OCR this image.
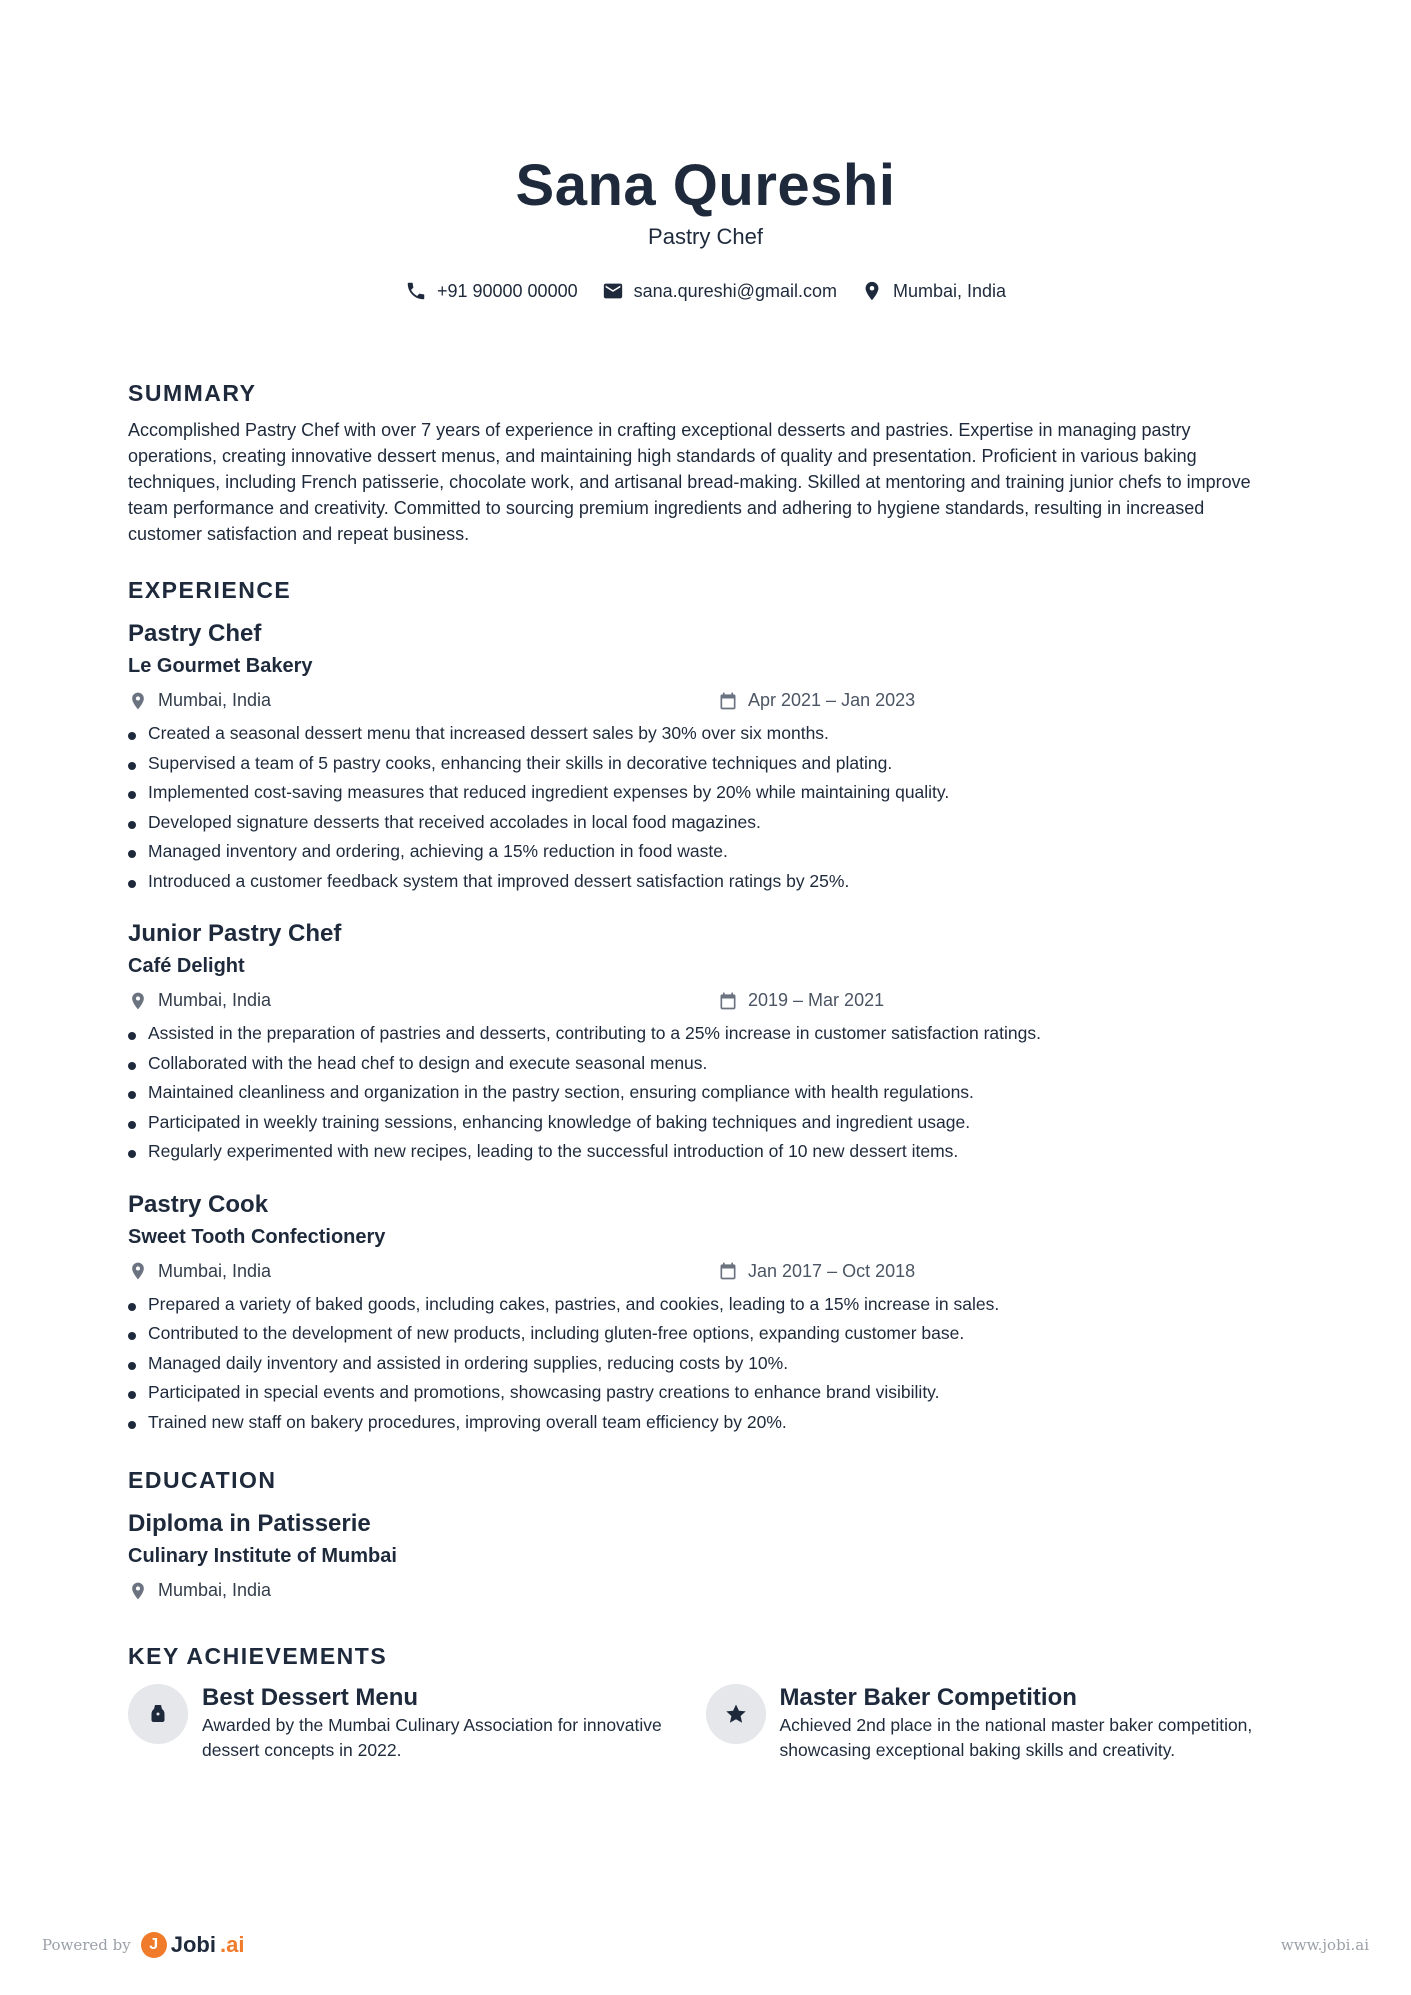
Sana Qureshi
Pastry Chef
+91 90000 00000	sana.qureshi@gmail.com	Mumbai, India
SUMMARY
Accomplished Pastry Chef with over 7 years of experience in crafting exceptional desserts and pastries. Expertise in managing pastry operations, creating innovative dessert menus, and maintaining high standards of quality and presentation. Proficient in various baking techniques, including French patisserie, chocolate work, and artisanal bread-making. Skilled at mentoring and training junior chefs to improve team performance and creativity. Committed to sourcing premium ingredients and adhering to hygiene standards, resulting in increased customer satisfaction and repeat business.
EXPERIENCE
Pastry Chef
Le Gourmet Bakery
Mumbai, India	Apr 2021 – Jan 2023
Created a seasonal dessert menu that increased dessert sales by 30% over six months.
Supervised a team of 5 pastry cooks, enhancing their skills in decorative techniques and plating.
Implemented cost-saving measures that reduced ingredient expenses by 20% while maintaining quality.
Developed signature desserts that received accolades in local food magazines.
Managed inventory and ordering, achieving a 15% reduction in food waste.
Introduced a customer feedback system that improved dessert satisfaction ratings by 25%.
Junior Pastry Chef
Café Delight
Mumbai, India	2019 – Mar 2021
Assisted in the preparation of pastries and desserts, contributing to a 25% increase in customer satisfaction ratings.
Collaborated with the head chef to design and execute seasonal menus.
Maintained cleanliness and organization in the pastry section, ensuring compliance with health regulations.
Participated in weekly training sessions, enhancing knowledge of baking techniques and ingredient usage.
Regularly experimented with new recipes, leading to the successful introduction of 10 new dessert items.
Pastry Cook
Sweet Tooth Confectionery
Mumbai, India	Jan 2017 – Oct 2018
Prepared a variety of baked goods, including cakes, pastries, and cookies, leading to a 15% increase in sales.
Contributed to the development of new products, including gluten-free options, expanding customer base.
Managed daily inventory and assisted in ordering supplies, reducing costs by 10%.
Participated in special events and promotions, showcasing pastry creations to enhance brand visibility.
Trained new staff on bakery procedures, improving overall team efficiency by 20%.
EDUCATION
Diploma in Patisserie
Culinary Institute of Mumbai
Mumbai, India
KEY ACHIEVEMENTS
Best Dessert Menu
Awarded by the Mumbai Culinary Association for innovative dessert concepts in 2022.
Master Baker Competition
Achieved 2nd place in the national master baker competition, showcasing exceptional baking skills and creativity.
Powered by	J Jobi .ai	www.jobi.ai
